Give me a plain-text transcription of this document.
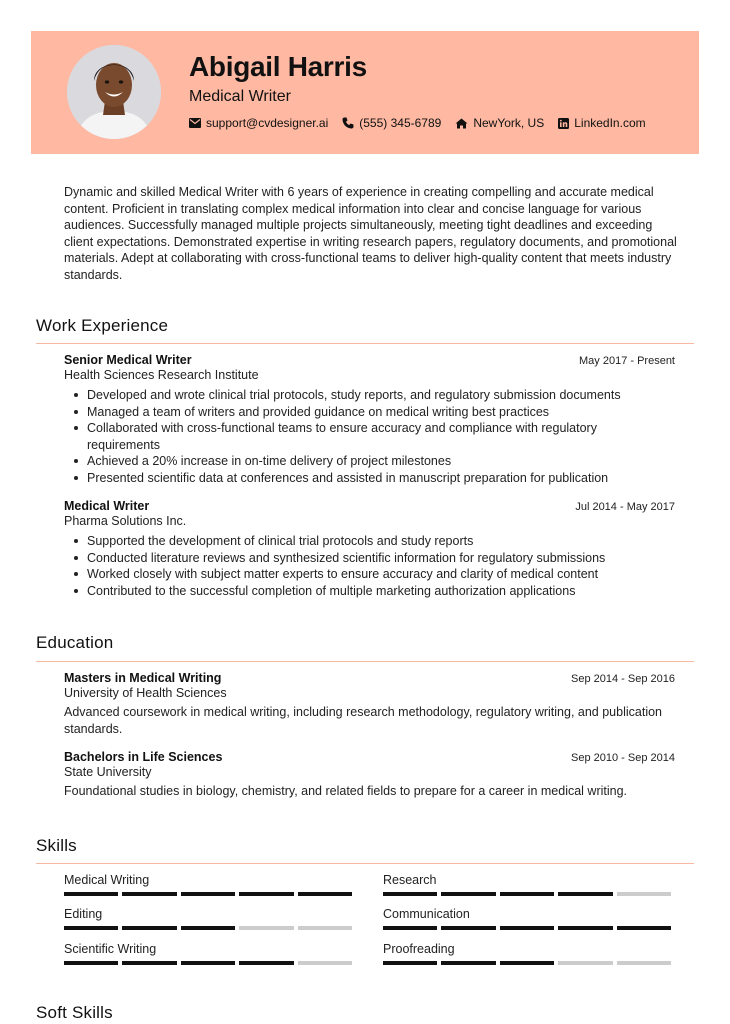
Abigail Harris
Medical Writer
support@cvdesigner.ai	(555) 345-6789	NewYork, US	LinkedIn.com
Dynamic and skilled Medical Writer with 6 years of experience in creating compelling and accurate medical content. Proficient in translating complex medical information into clear and concise language for various audiences. Successfully managed multiple projects simultaneously, meeting tight deadlines and exceeding client expectations. Demonstrated expertise in writing research papers, regulatory documents, and promotional materials. Adept at collaborating with cross-functional teams to deliver high-quality content that meets industry standards.
Work Experience
Senior Medical Writer	May 2017 - Present
Health Sciences Research Institute
Developed and wrote clinical trial protocols, study reports, and regulatory submission documents
Managed a team of writers and provided guidance on medical writing best practices
Collaborated with cross-functional teams to ensure accuracy and compliance with regulatory requirements
Achieved a 20% increase in on-time delivery of project milestones
Presented scientific data at conferences and assisted in manuscript preparation for publication
Medical Writer	Jul 2014 - May 2017
Pharma Solutions Inc.
Supported the development of clinical trial protocols and study reports
Conducted literature reviews and synthesized scientific information for regulatory submissions
Worked closely with subject matter experts to ensure accuracy and clarity of medical content
Contributed to the successful completion of multiple marketing authorization applications
Education
Masters in Medical Writing	Sep 2014 - Sep 2016
University of Health Sciences
Advanced coursework in medical writing, including research methodology, regulatory writing, and publication standards.
Bachelors in Life Sciences	Sep 2010 - Sep 2014
State University
Foundational studies in biology, chemistry, and related fields to prepare for a career in medical writing.
Skills
Medical Writing	Research
Editing	Communication
Scientific Writing	Proofreading
Soft Skills
